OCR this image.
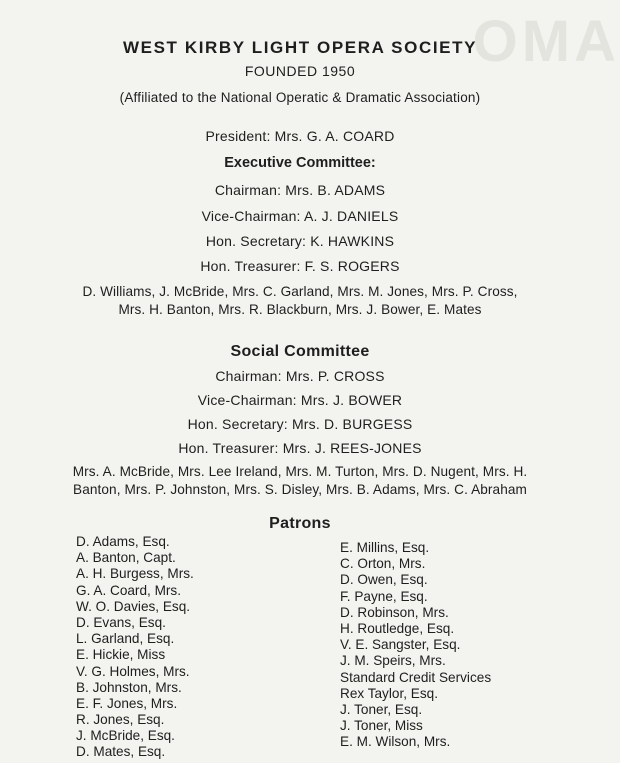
OMA
WEST KIRBY LIGHT OPERA SOCIETY
FOUNDED 1950
(Affiliated to the National Operatic & Dramatic Association)
President: Mrs. G. A. COARD
Executive Committee:
Chairman: Mrs. B. ADAMS
Vice-Chairman: A. J. DANIELS
Hon. Secretary: K. HAWKINS
Hon. Treasurer: F. S. ROGERS
D. Williams, J. McBride, Mrs. C. Garland, Mrs. M. Jones, Mrs. P. Cross,
Mrs. H. Banton, Mrs. R. Blackburn, Mrs. J. Bower, E. Mates
Social Committee
Chairman: Mrs. P. CROSS
Vice-Chairman: Mrs. J. BOWER
Hon. Secretary: Mrs. D. BURGESS
Hon. Treasurer: Mrs. J. REES-JONES
Mrs. A. McBride, Mrs. Lee Ireland, Mrs. M. Turton, Mrs. D. Nugent, Mrs. H.
Banton, Mrs. P. Johnston, Mrs. S. Disley, Mrs. B. Adams, Mrs. C. Abraham
Patrons
D. Adams, Esq.
A. Banton, Capt.
A. H. Burgess, Mrs.
G. A. Coard, Mrs.
W. O. Davies, Esq.
D. Evans, Esq.
L. Garland, Esq.
E. Hickie, Miss
V. G. Holmes, Mrs.
B. Johnston, Mrs.
E. F. Jones, Mrs.
R. Jones, Esq.
J. McBride, Esq.
D. Mates, Esq.
E. Millins, Esq.
C. Orton, Mrs.
D. Owen, Esq.
F. Payne, Esq.
D. Robinson, Mrs.
H. Routledge, Esq.
V. E. Sangster, Esq.
J. M. Speirs, Mrs.
Standard Credit Services
Rex Taylor, Esq.
J. Toner, Esq.
J. Toner, Miss
E. M. Wilson, Mrs.
